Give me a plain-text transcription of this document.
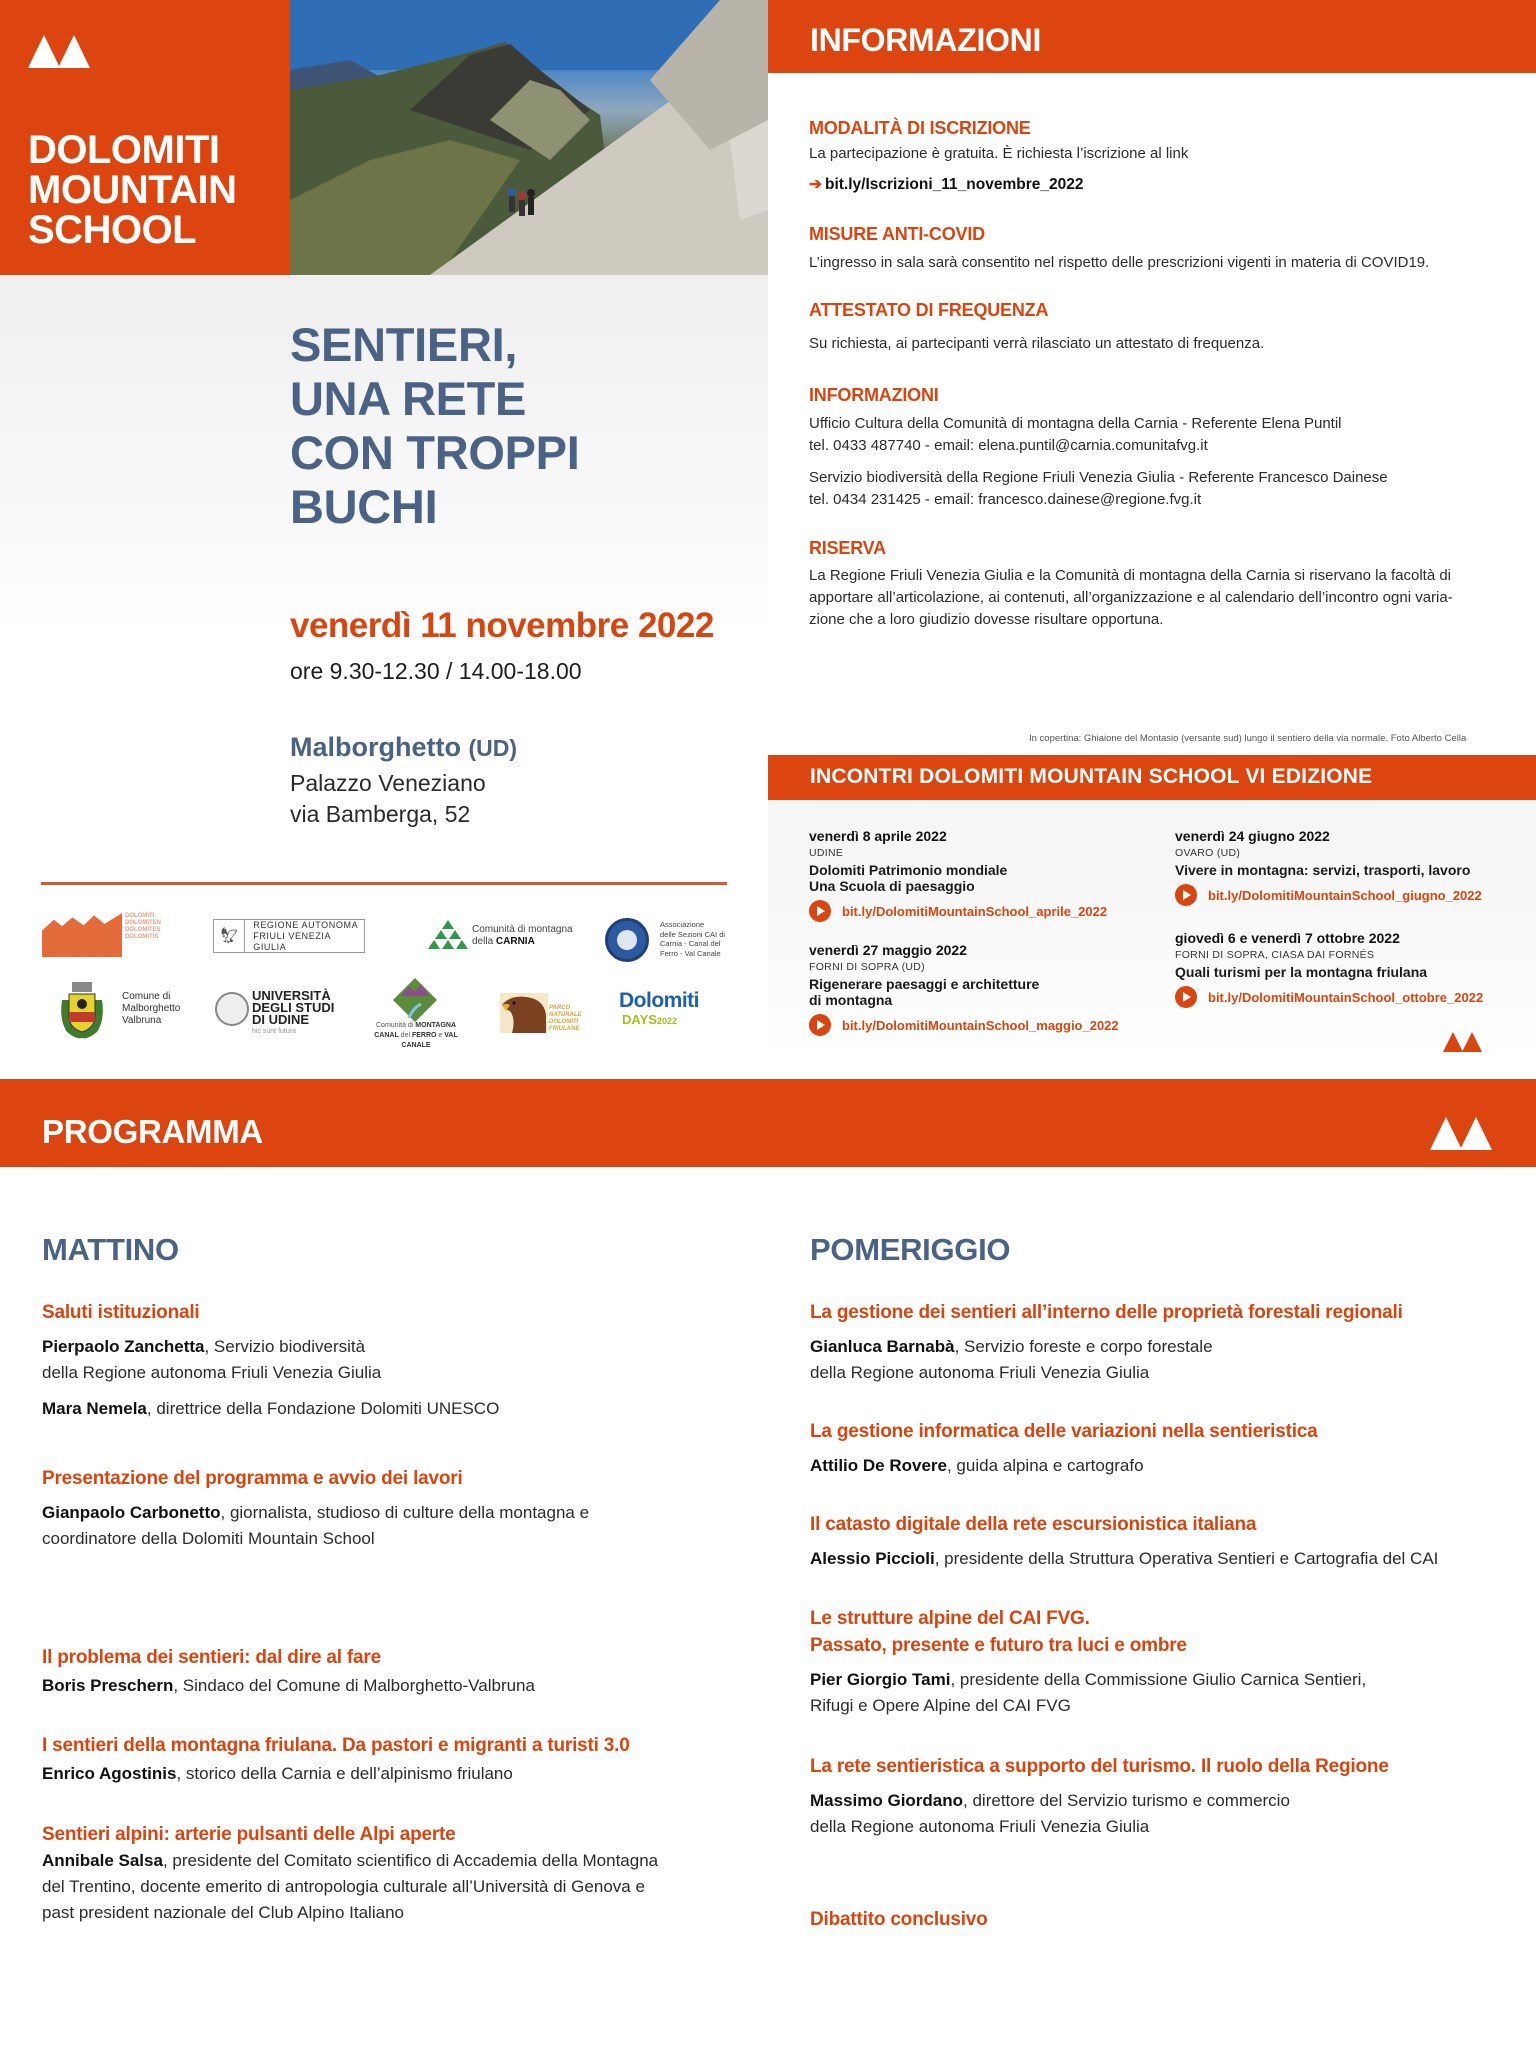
DOLOMITI
MOUNTAIN
SCHOOL
SENTIERI,
UNA RETE
CON TROPPI
BUCHI
venerdì 11 novembre 2022
ore 9.30-12.30 / 14.00-18.00
Malborghetto (UD)
Palazzo Veneziano
via Bamberga, 52
DOLOMITI
DOLOMITEN
DOLOMITES
DOLOMITIS
FONDAZIONE UNESCO
🦅︎
REGIONE AUTONOMA
FRIULI VENEZIA GIULIA
Comunità di montagna
della CARNIA
Associazione
delle Sezioni CAI di
Carnia - Canal del
Ferro - Val Canale
Comune di
Malborghetto
Valbruna
UNIVERSITÀ
DEGLI STUDI
DI UDINE
hic sunt futura
Comunità di MONTAGNA
CANAL del FERRO e VAL CANALE
PARCO
NATURALE
DOLOMITI
FRIULANE
Dolomiti
DAYS2022
INFORMAZIONI
MODALITÀ DI ISCRIZIONE
La partecipazione è gratuita. È richiesta l’iscrizione al link
➔ bit.ly/Iscrizioni_11_novembre_2022
MISURE ANTI-COVID
L’ingresso in sala sarà consentito nel rispetto delle prescrizioni vigenti in materia di COVID19.
ATTESTATO DI FREQUENZA
Su richiesta, ai partecipanti verrà rilasciato un attestato di frequenza.
INFORMAZIONI
Ufficio Cultura della Comunità di montagna della Carnia - Referente Elena Puntil
tel. 0433 487740 - email: elena.puntil@carnia.comunitafvg.it
Servizio biodiversità della Regione Friuli Venezia Giulia - Referente Francesco Dainese
tel. 0434 231425 - email: francesco.dainese@regione.fvg.it
RISERVA
La Regione Friuli Venezia Giulia e la Comunità di montagna della Carnia si riservano la facoltà di
apportare all’articolazione, ai contenuti, all’organizzazione e al calendario dell’incontro ogni varia-
zione che a loro giudizio dovesse risultare opportuna.
In copertina: Ghiaione del Montasio (versante sud) lungo il sentiero della via normale. Foto Alberto Cella
INCONTRI DOLOMITI MOUNTAIN SCHOOL VI EDIZIONE
venerdì 8 aprile 2022
UDINE
Dolomiti Patrimonio mondiale
Una Scuola di paesaggio
bit.ly/DolomitiMountainSchool_aprile_2022
venerdì 27 maggio 2022
FORNI DI SOPRA (UD)
Rigenerare paesaggi e architetture
di montagna
bit.ly/DolomitiMountainSchool_maggio_2022
venerdì 24 giugno 2022
OVARO (UD)
Vivere in montagna: servizi, trasporti, lavoro
bit.ly/DolomitiMountainSchool_giugno_2022
giovedì 6 e venerdì 7 ottobre 2022
FORNI DI SOPRA, CIASA DAI FORNÉS
Quali turismi per la montagna friulana
bit.ly/DolomitiMountainSchool_ottobre_2022
PROGRAMMA
MATTINO	POMERIGGIO
Saluti istituzionali
Pierpaolo Zanchetta, Servizio biodiversità
della Regione autonoma Friuli Venezia Giulia
Mara Nemela, direttrice della Fondazione Dolomiti UNESCO
Presentazione del programma e avvio dei lavori
Gianpaolo Carbonetto, giornalista, studioso di culture della montagna e
coordinatore della Dolomiti Mountain School
Il problema dei sentieri: dal dire al fare
Boris Preschern, Sindaco del Comune di Malborghetto-Valbruna
I sentieri della montagna friulana. Da pastori e migranti a turisti 3.0
Enrico Agostinis, storico della Carnia e dell’alpinismo friulano
Sentieri alpini: arterie pulsanti delle Alpi aperte
Annibale Salsa, presidente del Comitato scientifico di Accademia della Montagna
del Trentino, docente emerito di antropologia culturale all’Università di Genova e
past president nazionale del Club Alpino Italiano
La gestione dei sentieri all’interno delle proprietà forestali regionali
Gianluca Barnabà, Servizio foreste e corpo forestale
della Regione autonoma Friuli Venezia Giulia
La gestione informatica delle variazioni nella sentieristica
Attilio De Rovere, guida alpina e cartografo
Il catasto digitale della rete escursionistica italiana
Alessio Piccioli, presidente della Struttura Operativa Sentieri e Cartografia del CAI
Le strutture alpine del CAI FVG.
Passato, presente e futuro tra luci e ombre
Pier Giorgio Tami, presidente della Commissione Giulio Carnica Sentieri,
Rifugi e Opere Alpine del CAI FVG
La rete sentieristica a supporto del turismo. Il ruolo della Regione
Massimo Giordano, direttore del Servizio turismo e commercio
della Regione autonoma Friuli Venezia Giulia
Dibattito conclusivo
